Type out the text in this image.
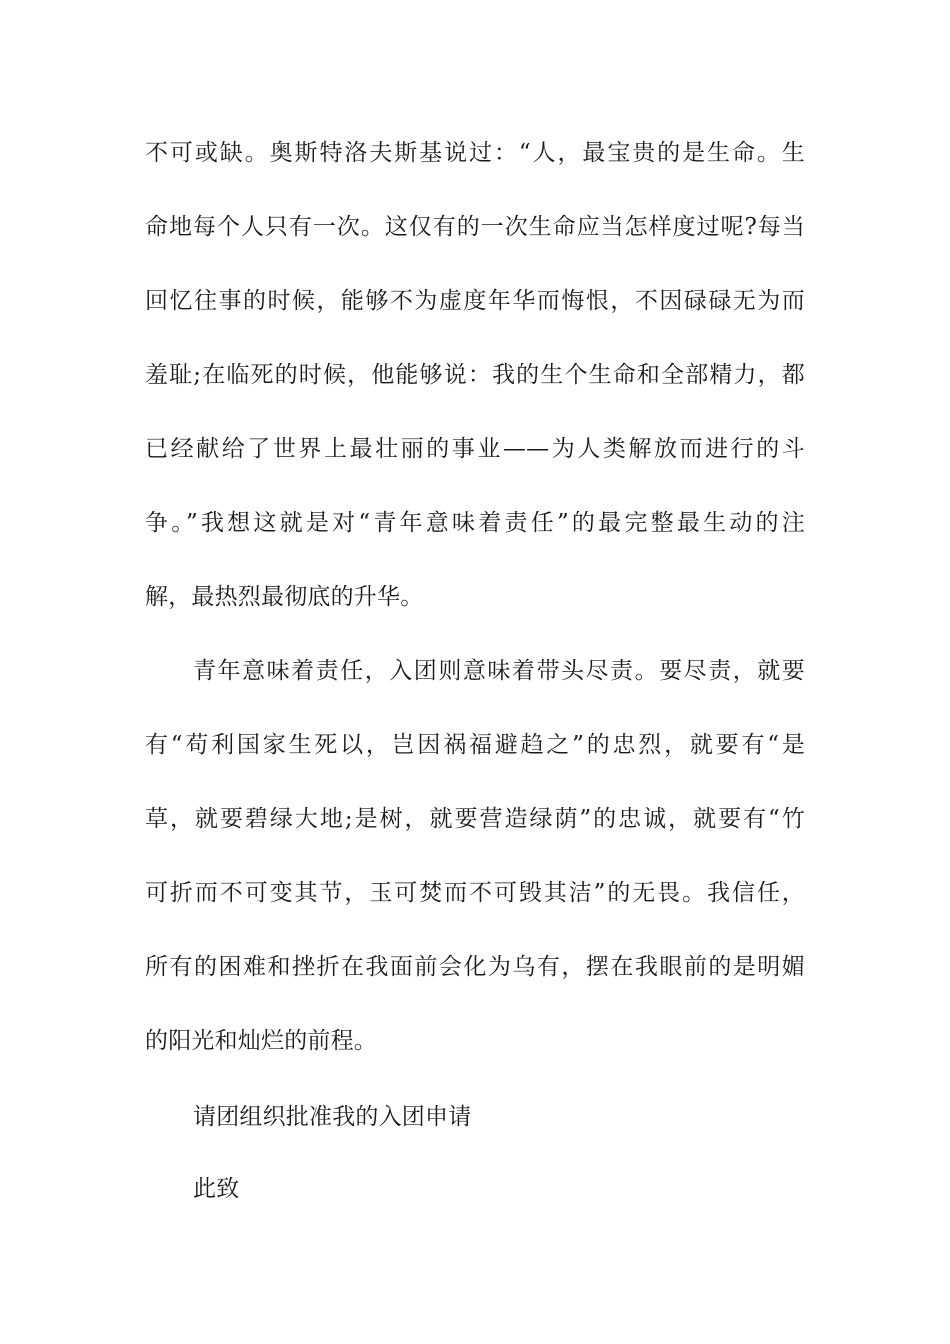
不可或缺。奥斯特洛夫斯基说过：“人，最宝贵的是生命。生
命地每个人只有一次。这仅有的一次生命应当怎样度过呢?每当
回忆往事的时候，能够不为虚度年华而悔恨，不因碌碌无为而
羞耻;在临死的时候，他能够说：我的生个生命和全部精力，都
已经献给了世界上最壮丽的事业——为人类解放而进行的斗
争。”我想这就是对“青年意味着责任”的最完整最生动的注
解，最热烈最彻底的升华。
青年意味着责任，入团则意味着带头尽责。要尽责，就要
有“苟利国家生死以，岂因祸福避趋之”的忠烈，就要有“是
草，就要碧绿大地;是树，就要营造绿荫”的忠诚，就要有“竹
可折而不可变其节，玉可焚而不可毁其洁”的无畏。我信任，
所有的困难和挫折在我面前会化为乌有，摆在我眼前的是明媚
的阳光和灿烂的前程。
请团组织批准我的入团申请
此致
